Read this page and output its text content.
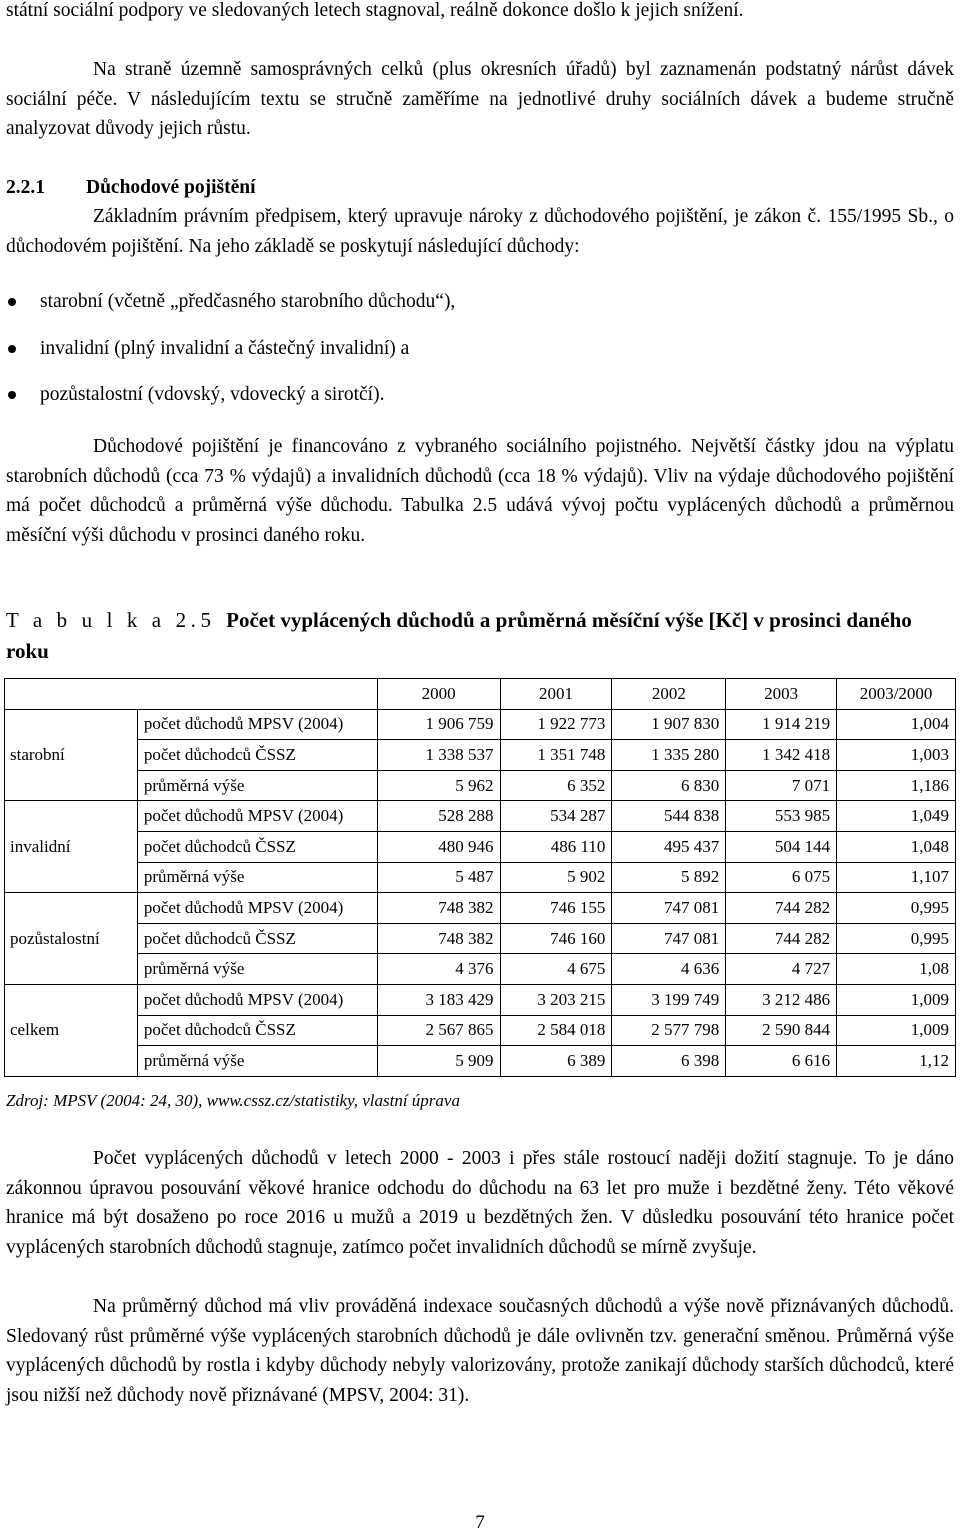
státní sociální podpory ve sledovaných letech stagnoval, reálně dokonce došlo k jejich snížení.

Na straně územně samosprávných celků (plus okresních úřadů) byl zaznamenán podstatný nárůst dávek sociální péče. V následujícím textu se stručně zaměříme na jednotlivé druhy sociálních dávek a budeme stručně analyzovat důvody jejich růstu.

2.2.1 Důchodové pojištění

Základním právním předpisem, který upravuje nároky z důchodového pojištění, je zákon č. 155/1995 Sb., o důchodovém pojištění. Na jeho základě se poskytují následující důchody:

starobní (včetně „předčasného starobního důchodu“),
invalidní (plný invalidní a částečný invalidní) a
pozůstalostní (vdovský, vdovecký a sirotčí).

Důchodové pojištění je financováno z vybraného sociálního pojistného. Největší částky jdou na výplatu starobních důchodů (cca 73 % výdajů) a invalidních důchodů (cca 18 % výdajů). Vliv na výdaje důchodového pojištění má počet důchodců a průměrná výše důchodu. Tabulka 2.5 udává vývoj počtu vyplácených důchodů a průměrnou měsíční výši důchodu v prosinci daného roku.

T a b u l k a 2.5 Počet vyplácených důchodů a průměrná měsíční výše [Kč] v prosinci daného roku

		2000	2001	2002	2003	2003/2000
starobní	počet důchodů MPSV (2004)	1 906 759	1 922 773	1 907 830	1 914 219	1,004
	počet důchodců ČSSZ	1 338 537	1 351 748	1 335 280	1 342 418	1,003
	průměrná výše	5 962	6 352	6 830	7 071	1,186
invalidní	počet důchodů MPSV (2004)	528 288	534 287	544 838	553 985	1,049
	počet důchodců ČSSZ	480 946	486 110	495 437	504 144	1,048
	průměrná výše	5 487	5 902	5 892	6 075	1,107
pozůstalostní	počet důchodů MPSV (2004)	748 382	746 155	747 081	744 282	0,995
	počet důchodců ČSSZ	748 382	746 160	747 081	744 282	0,995
	průměrná výše	4 376	4 675	4 636	4 727	1,08
celkem	počet důchodů MPSV (2004)	3 183 429	3 203 215	3 199 749	3 212 486	1,009
	počet důchodců ČSSZ	2 567 865	2 584 018	2 577 798	2 590 844	1,009
	průměrná výše	5 909	6 389	6 398	6 616	1,12

Zdroj: MPSV (2004: 24, 30), www.cssz.cz/statistiky, vlastní úprava

Počet vyplácených důchodů v letech 2000 - 2003 i přes stále rostoucí naději dožití stagnuje. To je dáno zákonnou úpravou posouvání věkové hranice odchodu do důchodu na 63 let pro muže i bezdětné ženy. Této věkové hranice má být dosaženo po roce 2016 u mužů a 2019 u bezdětných žen. V důsledku posouvání této hranice počet vyplácených starobních důchodů stagnuje, zatímco počet invalidních důchodů se mírně zvyšuje.

Na průměrný důchod má vliv prováděná indexace současných důchodů a výše nově přiznávaných důchodů. Sledovaný růst průměrné výše vyplácených starobních důchodů je dále ovlivněn tzv. generační směnou. Průměrná výše vyplácených důchodů by rostla i kdyby důchody nebyly valorizovány, protože zanikají důchody starších důchodců, které jsou nižší než důchody nově přiznávané (MPSV, 2004: 31).

7
